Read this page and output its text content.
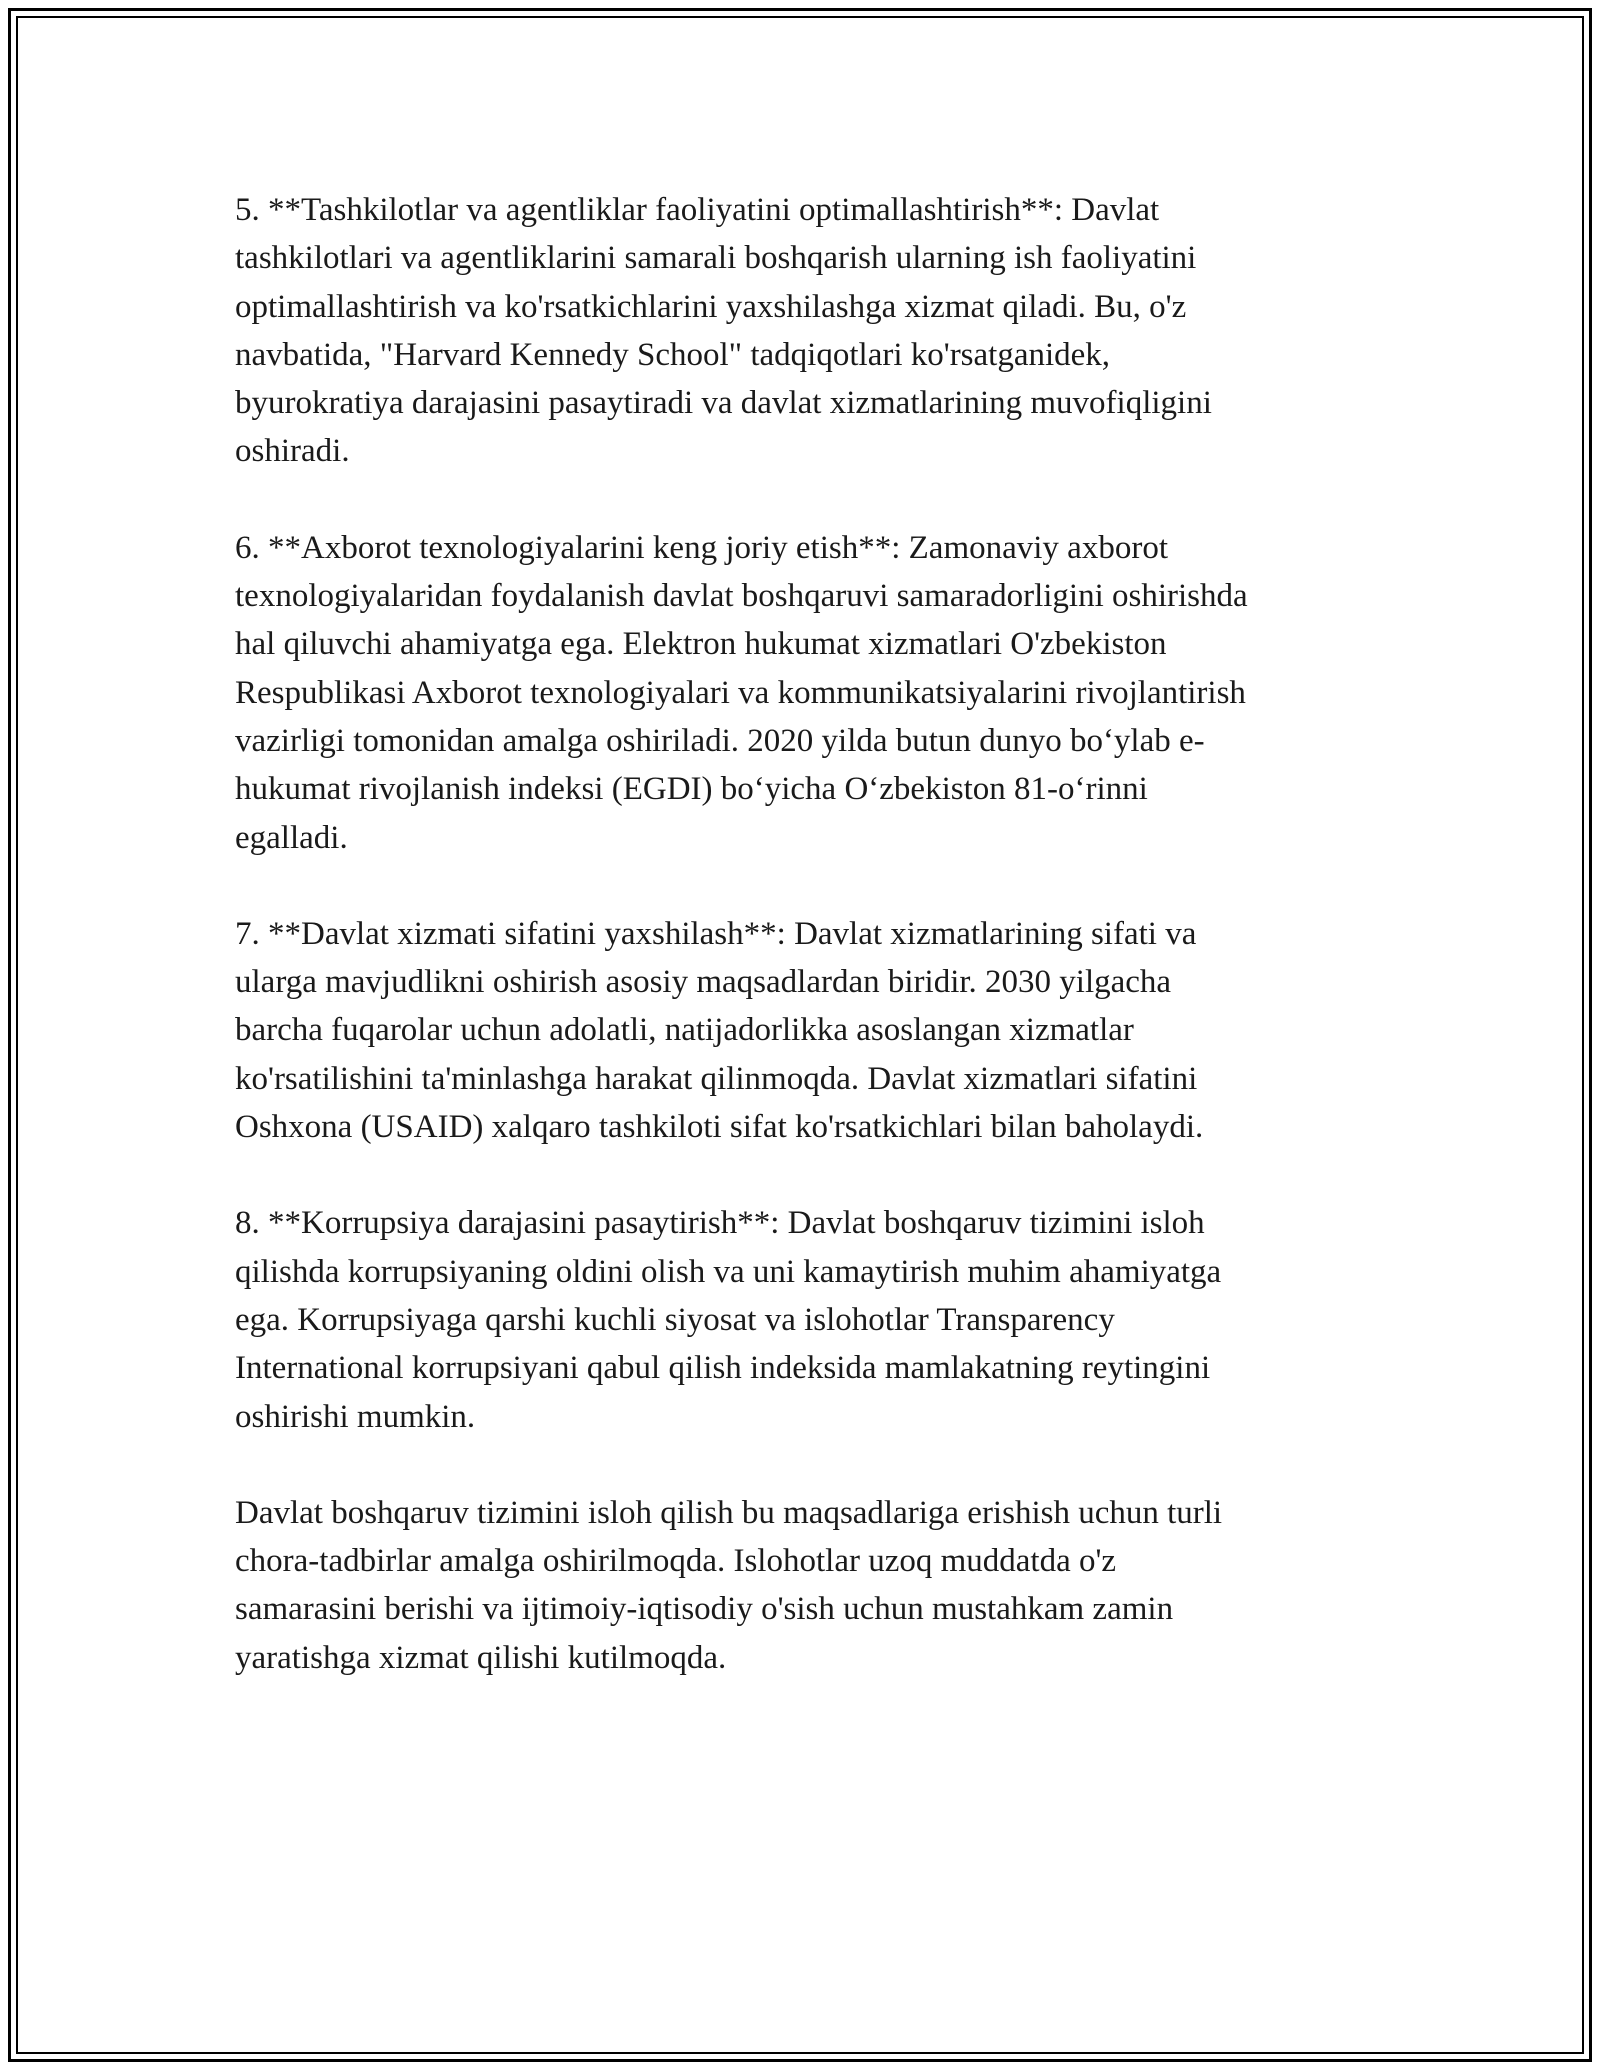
5. **Tashkilotlar va agentliklar faoliyatini optimallashtirish**: Davlat
tashkilotlari va agentliklarini samarali boshqarish ularning ish faoliyatini
optimallashtirish va ko'rsatkichlarini yaxshilashga xizmat qiladi. Bu, o'z
navbatida, "Harvard Kennedy School" tadqiqotlari ko'rsatganidek,
byurokratiya darajasini pasaytiradi va davlat xizmatlarining muvofiqligini
oshiradi.

6. **Axborot texnologiyalarini keng joriy etish**: Zamonaviy axborot
texnologiyalaridan foydalanish davlat boshqaruvi samaradorligini oshirishda
hal qiluvchi ahamiyatga ega. Elektron hukumat xizmatlari O'zbekiston
Respublikasi Axborot texnologiyalari va kommunikatsiyalarini rivojlantirish
vazirligi tomonidan amalga oshiriladi. 2020 yilda butun dunyo bo‘ylab e-
hukumat rivojlanish indeksi (EGDI) bo‘yicha O‘zbekiston 81-o‘rinni
egalladi.

7. **Davlat xizmati sifatini yaxshilash**: Davlat xizmatlarining sifati va
ularga mavjudlikni oshirish asosiy maqsadlardan biridir. 2030 yilgacha
barcha fuqarolar uchun adolatli, natijadorlikka asoslangan xizmatlar
ko'rsatilishini ta'minlashga harakat qilinmoqda. Davlat xizmatlari sifatini
Oshxona (USAID) xalqaro tashkiloti sifat ko'rsatkichlari bilan baholaydi.

8. **Korrupsiya darajasini pasaytirish**: Davlat boshqaruv tizimini isloh
qilishda korrupsiyaning oldini olish va uni kamaytirish muhim ahamiyatga
ega. Korrupsiyaga qarshi kuchli siyosat va islohotlar Transparency
International korrupsiyani qabul qilish indeksida mamlakatning reytingini
oshirishi mumkin.

Davlat boshqaruv tizimini isloh qilish bu maqsadlariga erishish uchun turli
chora-tadbirlar amalga oshirilmoqda. Islohotlar uzoq muddatda o'z
samarasini berishi va ijtimoiy-iqtisodiy o'sish uchun mustahkam zamin
yaratishga xizmat qilishi kutilmoqda.
